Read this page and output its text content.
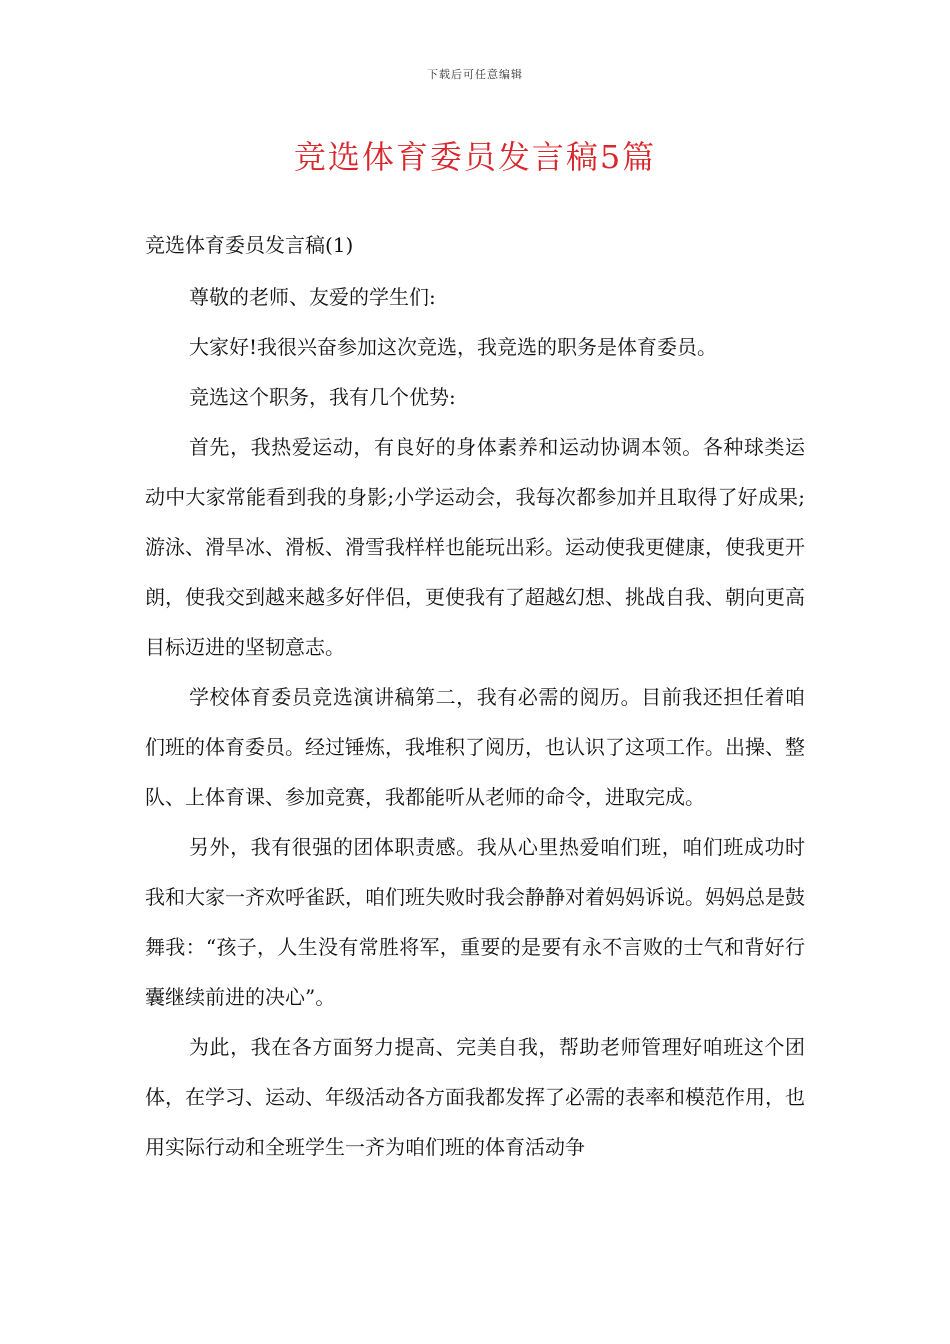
下载后可任意编辑
竞选体育委员发言稿5篇

竞选体育委员发言稿(1)

尊敬的老师、友爱的学生们:

大家好!我很兴奋参加这次竞选，我竞选的职务是体育委员。

竞选这个职务，我有几个优势:

首先，我热爱运动，有良好的身体素养和运动协调本领。各种球类运动中大家常能看到我的身影;小学运动会，我每次都参加并且取得了好成果;游泳、滑旱冰、滑板、滑雪我样样也能玩出彩。运动使我更健康，使我更开朗，使我交到越来越多好伴侣，更使我有了超越幻想、挑战自我、朝向更高目标迈进的坚韧意志。

学校体育委员竞选演讲稿第二，我有必需的阅历。目前我还担任着咱们班的体育委员。经过锤炼，我堆积了阅历，也认识了这项工作。出操、整队、上体育课、参加竞赛，我都能听从老师的命令，进取完成。

另外，我有很强的团体职责感。我从心里热爱咱们班，咱们班成功时我和大家一齐欢呼雀跃，咱们班失败时我会静静对着妈妈诉说。妈妈总是鼓舞我：“孩子，人生没有常胜将军，重要的是要有永不言败的士气和背好行囊继续前进的决心”。

为此，我在各方面努力提高、完美自我，帮助老师管理好咱班这个团体，在学习、运动、年级活动各方面我都发挥了必需的表率和模范作用，也用实际行动和全班学生一齐为咱们班的体育活动争
